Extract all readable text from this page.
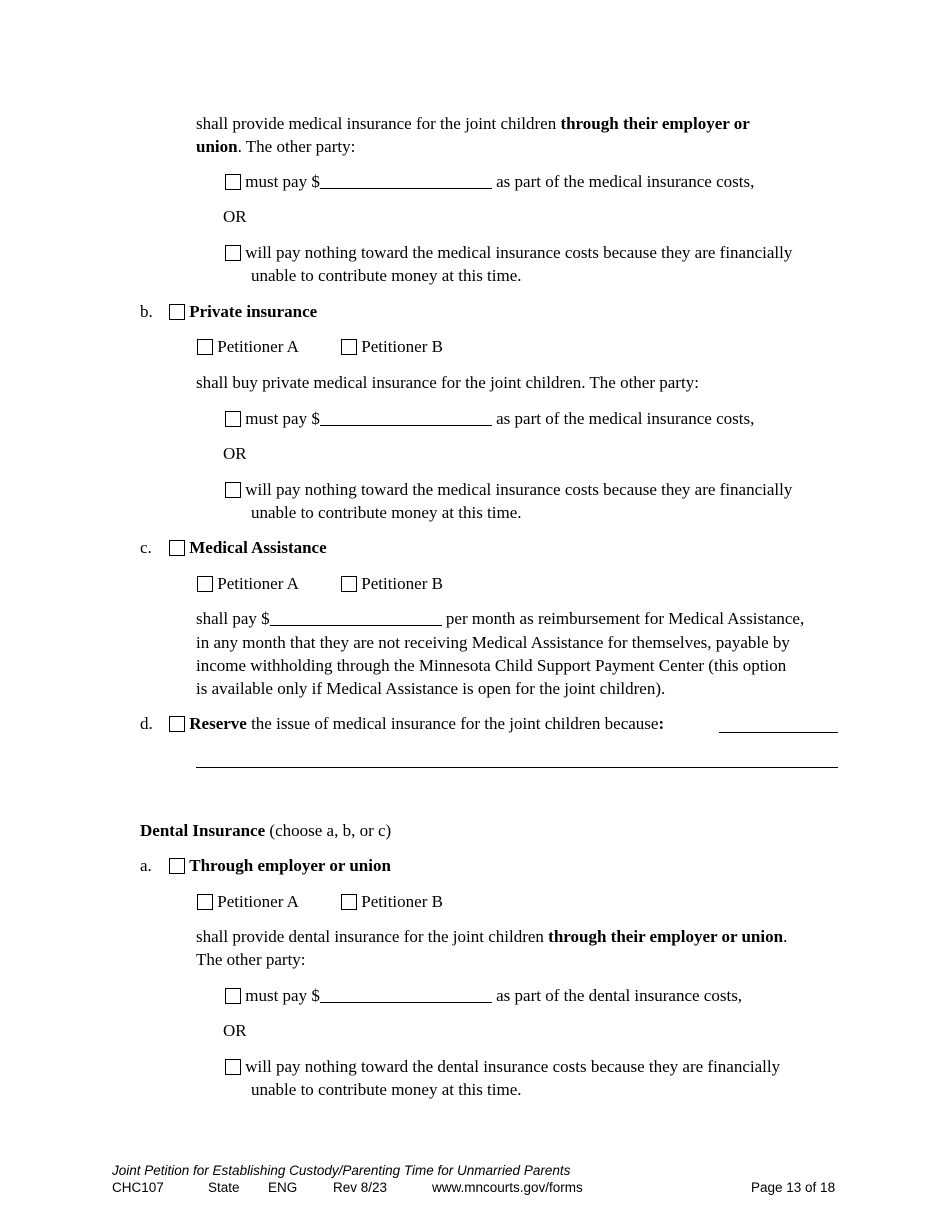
shall provide medical insurance for the joint children through their employer or
union. The other party:
must pay $	as part of the medical insurance costs,
OR
will pay nothing toward the medical insurance costs because they are financially
unable to contribute money at this time.
b.	Private insurance
Petitioner A	Petitioner B
shall buy private medical insurance for the joint children. The other party:
must pay $	as part of the medical insurance costs,
OR
will pay nothing toward the medical insurance costs because they are financially
unable to contribute money at this time.
c.	Medical Assistance
Petitioner A	Petitioner B
shall pay $	per month as reimbursement for Medical Assistance,
in any month that they are not receiving Medical Assistance for themselves, payable by
income withholding through the Minnesota Child Support Payment Center (this option
is available only if Medical Assistance is open for the joint children).
d.	Reserve the issue of medical insurance for the joint children because:
Dental Insurance (choose a, b, or c)
a.	Through employer or union
Petitioner A	Petitioner B
shall provide dental insurance for the joint children through their employer or union.
The other party:
must pay $	as part of the dental insurance costs,
OR
will pay nothing toward the dental insurance costs because they are financially
unable to contribute money at this time.
Joint Petition for Establishing Custody/Parenting Time for Unmarried Parents
CHC107	State ENG	Rev 8/23	www.mncourts.gov/forms	Page 13 of 18
